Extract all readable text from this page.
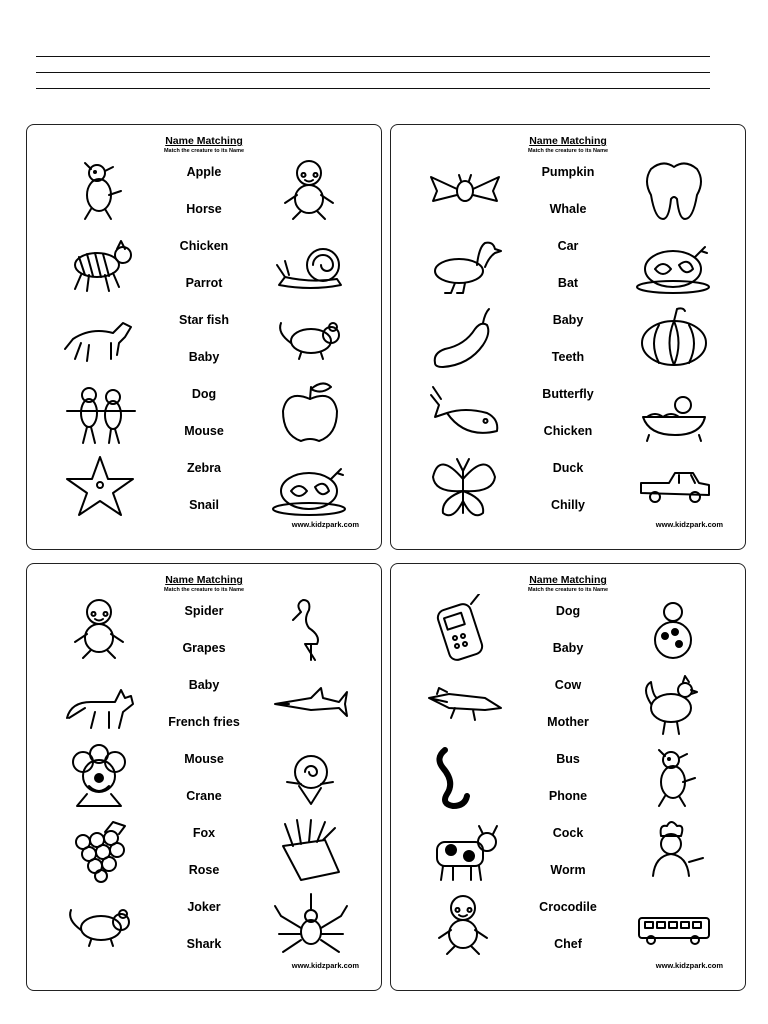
Name Matching
Match the creature to its Name
Apple
Horse
Chicken
Parrot
Star fish
Baby
Dog
Mouse
Zebra
Snail
www.kidzpark.com
Name Matching
Match the creature to its Name
Pumpkin
Whale
Car
Bat
Baby
Teeth
Butterfly
Chicken
Duck
Chilly
www.kidzpark.com
Name Matching
Match the creature to its Name
Spider
Grapes
Baby
French fries
Mouse
Crane
Fox
Rose
Joker
Shark
www.kidzpark.com
Name Matching
Match the creature to its Name
Dog
Baby
Cow
Mother
Bus
Phone
Cock
Worm
Crocodile
Chef
www.kidzpark.com
